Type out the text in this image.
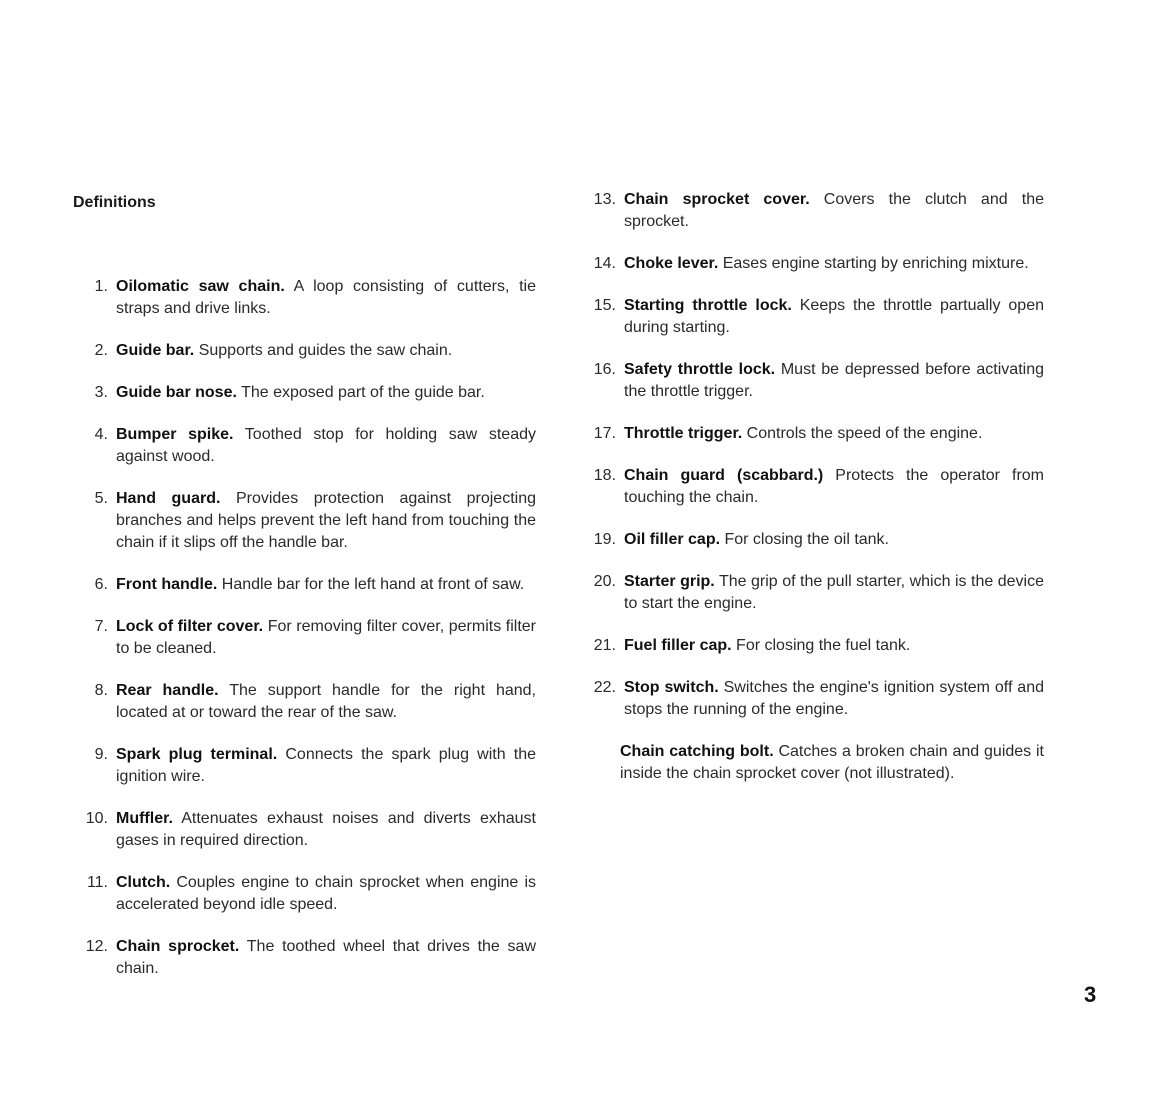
Definitions
1. Oilomatic saw chain. A loop consisting of cutters, tie straps and drive links.
2. Guide bar. Supports and guides the saw chain.
3. Guide bar nose. The exposed part of the guide bar.
4. Bumper spike. Toothed stop for holding saw steady against wood.
5. Hand guard. Provides protection against projecting branches and helps prevent the left hand from touching the chain if it slips off the handle bar.
6. Front handle. Handle bar for the left hand at front of saw.
7. Lock of filter cover. For removing filter cover, permits filter to be cleaned.
8. Rear handle. The support handle for the right hand, located at or toward the rear of the saw.
9. Spark plug terminal. Connects the spark plug with the ignition wire.
10. Muffler. Attenuates exhaust noises and diverts exhaust gases in required direction.
11. Clutch. Couples engine to chain sprocket when engine is accelerated beyond idle speed.
12. Chain sprocket. The toothed wheel that drives the saw chain.
13. Chain sprocket cover. Covers the clutch and the sprocket.
14. Choke lever. Eases engine starting by enriching mixture.
15. Starting throttle lock. Keeps the throttle partually open during starting.
16. Safety throttle lock. Must be depressed before activating the throttle trigger.
17. Throttle trigger. Controls the speed of the engine.
18. Chain guard (scabbard.) Protects the operator from touching the chain.
19. Oil filler cap. For closing the oil tank.
20. Starter grip. The grip of the pull starter, which is the device to start the engine.
21. Fuel filler cap. For closing the fuel tank.
22. Stop switch. Switches the engine's ignition system off and stops the running of the engine.
Chain catching bolt. Catches a broken chain and guides it inside the chain sprocket cover (not illustrated).
3
